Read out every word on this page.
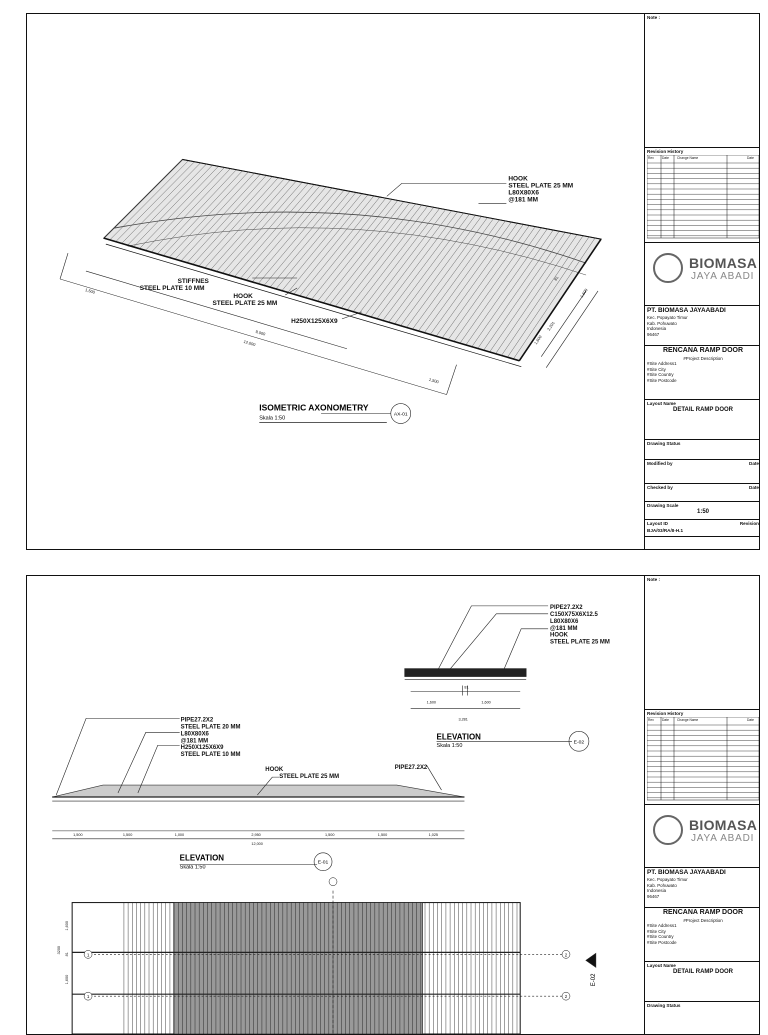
HOOK
STEEL PLATE 25 MM
L80X80X6
@181 MM
STIFFNES
STEEL PLATE 10 MM
HOOK
STEEL PLATE 25 MM
H250X125X6X9
1,500
9,000
12,000
1,500
1,600
2,201
81
1,600
ISOMETRIC AXONOMETRY
Skala 1:50
AX-01
Note :
Revision History
Rev Date Change Name	Date
BIOMASA
JAYA ABADI
PT. BIOMASA JAYAABADI
Kec. Popayato Timur
Kab. Pohuwato
Indonesia
96467
RENCANA RAMP DOOR
#Project Description
#Site Address1
#Site City
#Site Country
#Site Postcode
Layout Name
DETAIL RAMP DOOR
Drawing Status
Modified by	Date
Checked by	Date
Drawing Scale
1:50
Layout ID	Revision
BJA/03/RA/II-H.1
PIPE27.2X2
C150X75X6X12.5
L80X80X6
@181 MM
HOOK
STEEL PLATE 25 MM
PIPE27.2X2
STEEL PLATE 20 MM
L80X80X6
@181 MM
H250X125X6X9
STEEL PLATE 10 MM
HOOK
STEEL PLATE 25 MM
PIPE27.2X2
81
1,600	1,600
3,281
1,500	1,500	1,000	2,950	1,500	1,500	1,025
12,000
1,600
3200 81
1,600
ELEVATION
Skala 1:50
E-02
ELEVATION
Skala 1:50
E-01
1	2
1	2
E-02
Note :
Revision History
Rev Date Change Name	Date
BIOMASA
JAYA ABADI
PT. BIOMASA JAYAABADI
Kec. Popayato Timur
Kab. Pohuwato
Indonesia
96467
RENCANA RAMP DOOR
#Project Description
#Site Address1
#Site City
#Site Country
#Site Postcode
Layout Name
DETAIL RAMP DOOR
Drawing Status
